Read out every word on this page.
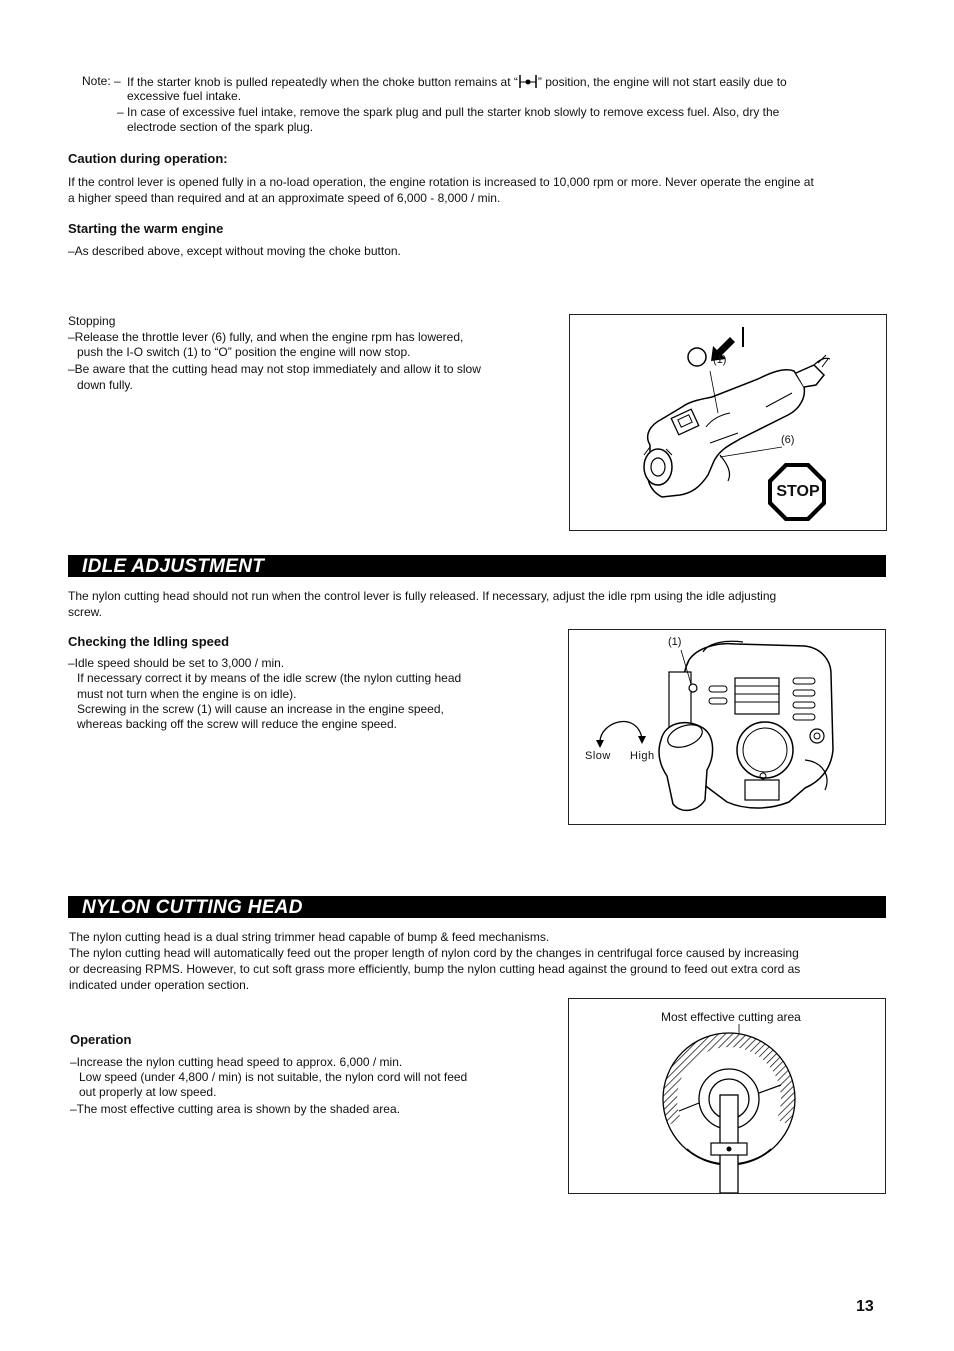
Note: – If the starter knob is pulled repeatedly when the choke button remains at “ ” position, the engine will not start easily due to
excessive fuel intake.
– In case of excessive fuel intake, remove the spark plug and pull the starter knob slowly to remove excess fuel. Also, dry the
electrode section of the spark plug.
Caution during operation:
If the control lever is opened fully in a no-load operation, the engine rotation is increased to 10,000 rpm or more. Never operate the engine at
a higher speed than required and at an approximate speed of 6,000 - 8,000 / min.
Starting the warm engine
–As described above, except without moving the choke button.
Stopping
–Release the throttle lever (6) fully, and when the engine rpm has lowered,
push the I-O switch (1) to “O” position the engine will now stop.
–Be aware that the cutting head may not stop immediately and allow it to slow
down fully.
(1)
(6)
STOP
IDLE ADJUSTMENT
The nylon cutting head should not run when the control lever is fully released. If necessary, adjust the idle rpm using the idle adjusting
screw.
Checking the Idling speed
–Idle speed should be set to 3,000 / min.
If necessary correct it by means of the idle screw (the nylon cutting head
must not turn when the engine is on idle).
Screwing in the screw (1) will cause an increase in the engine speed,
whereas backing off the screw will reduce the engine speed.
(1)
Slow High
NYLON CUTTING HEAD
The nylon cutting head is a dual string trimmer head capable of bump & feed mechanisms.
The nylon cutting head will automatically feed out the proper length of nylon cord by the changes in centrifugal force caused by increasing
or decreasing RPMS. However, to cut soft grass more efficiently, bump the nylon cutting head against the ground to feed out extra cord as
indicated under operation section.
Operation
–Increase the nylon cutting head speed to approx. 6,000 / min.
Low speed (under 4,800 / min) is not suitable, the nylon cord will not feed
out properly at low speed.
–The most effective cutting area is shown by the shaded area.
Most effective cutting area
13
